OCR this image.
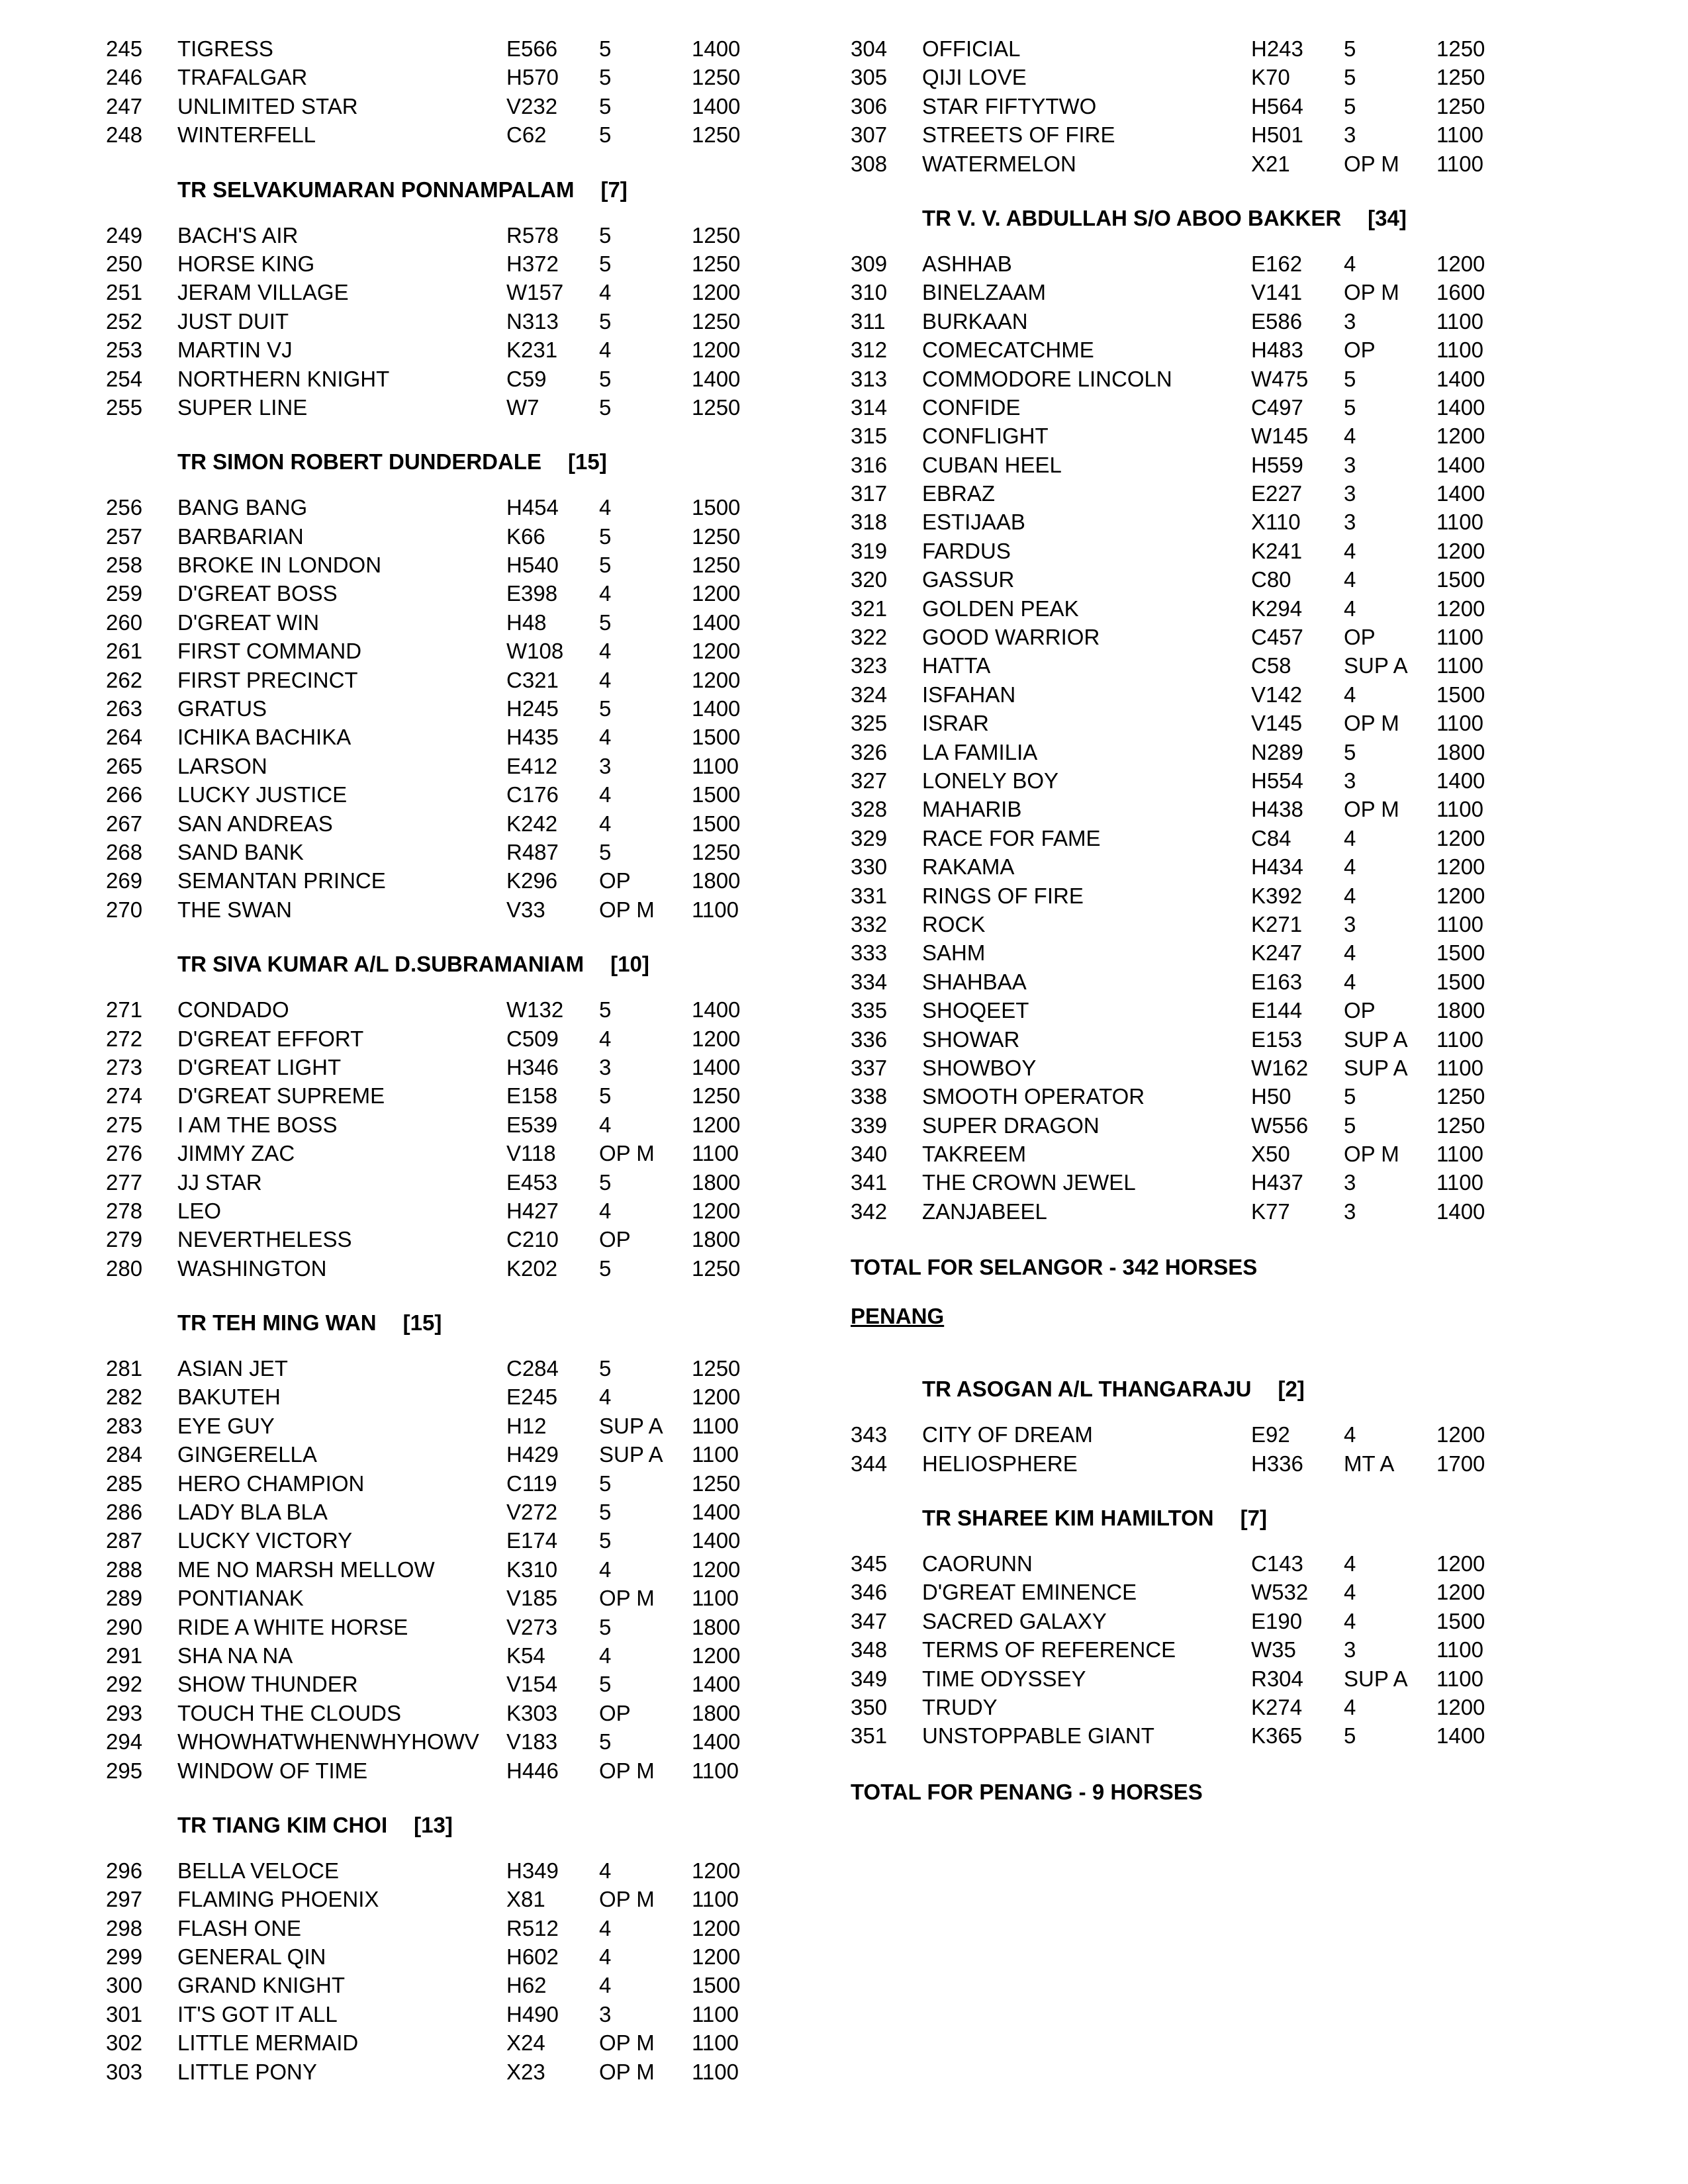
245 TIGRESS	E566 5	1400
246 TRAFALGAR	H570 5	1250
247 UNLIMITED STAR	V232 5	1400
248 WINTERFELL	C62 5	1250
TR SELVAKUMARAN PONNAMPALAM [7]
249 BACH'S AIR	R578 5	1250
250 HORSE KING	H372 5	1250
251 JERAM VILLAGE	W157 4	1200
252 JUST DUIT	N313 5	1250
253 MARTIN VJ	K231 4	1200
254 NORTHERN KNIGHT	C59 5	1400
255 SUPER LINE	W7	5	1250
TR SIMON ROBERT DUNDERDALE [15]
256 BANG BANG	H454 4	1500
257 BARBARIAN	K66 5	1250
258 BROKE IN LONDON	H540 5	1250
259 D'GREAT BOSS	E398 4	1200
260 D'GREAT WIN	H48 5	1400
261 FIRST COMMAND	W108 4	1200
262 FIRST PRECINCT	C321 4	1200
263 GRATUS	H245 5	1400
264 ICHIKA BACHIKA	H435 4	1500
265 LARSON	E412 3	1100
266 LUCKY JUSTICE	C176 4	1500
267 SAN ANDREAS	K242 4	1500
268 SAND BANK	R487 5	1250
269 SEMANTAN PRINCE	K296 OP	1800
270 THE SWAN	V33 OP M 1100
TR SIVA KUMAR A/L D.SUBRAMANIAM [10]
271 CONDADO	W132 5	1400
272 D'GREAT EFFORT	C509 4	1200
273 D'GREAT LIGHT	H346 3	1400
274 D'GREAT SUPREME	E158 5	1250
275 I AM THE BOSS	E539 4	1200
276 JIMMY ZAC	V118 OP M 1100
277 JJ STAR	E453 5	1800
278 LEO	H427 4	1200
279 NEVERTHELESS	C210 OP	1800
280 WASHINGTON	K202 5	1250
TR TEH MING WAN [15]
281 ASIAN JET	C284 5	1250
282 BAKUTEH	E245 4	1200
283 EYE GUY	H12 SUP A 1100
284 GINGERELLA	H429 SUP A 1100
285 HERO CHAMPION	C119 5	1250
286 LADY BLA BLA	V272 5	1400
287 LUCKY VICTORY	E174 5	1400
288 ME NO MARSH MELLOW	K310 4	1200
289 PONTIANAK	V185 OP M 1100
290 RIDE A WHITE HORSE	V273 5	1800
291 SHA NA NA	K54 4	1200
292 SHOW THUNDER	V154 5	1400
293 TOUCH THE CLOUDS	K303 OP	1800
294 WHOWHATWHENWHYHOWV	V183 5	1400
295 WINDOW OF TIME	H446 OP M 1100
TR TIANG KIM CHOI [13]
296 BELLA VELOCE	H349 4	1200
297 FLAMING PHOENIX	X81 OP M 1100
298 FLASH ONE	R512 4	1200
299 GENERAL QIN	H602 4	1200
300 GRAND KNIGHT	H62 4	1500
301 IT'S GOT IT ALL	H490 3	1100
302 LITTLE MERMAID	X24 OP M 1100
303 LITTLE PONY	X23 OP M 1100
304 OFFICIAL	H243 5	1250
305 QIJI LOVE	K70 5	1250
306 STAR FIFTYTWO	H564 5	1250
307 STREETS OF FIRE	H501 3	1100
308 WATERMELON	X21 OP M 1100
TR V. V. ABDULLAH S/O ABOO BAKKER [34]
309 ASHHAB	E162 4	1200
310 BINELZAAM	V141 OP M 1600
311 BURKAAN	E586 3	1100
312 COMECATCHME	H483 OP	1100
313 COMMODORE LINCOLN	W475 5	1400
314 CONFIDE	C497 5	1400
315 CONFLIGHT	W145 4	1200
316 CUBAN HEEL	H559 3	1400
317 EBRAZ	E227 3	1400
318 ESTIJAAB	X110 3	1100
319 FARDUS	K241 4	1200
320 GASSUR	C80 4	1500
321 GOLDEN PEAK	K294 4	1200
322 GOOD WARRIOR	C457 OP	1100
323 HATTA	C58 SUP A 1100
324 ISFAHAN	V142 4	1500
325 ISRAR	V145 OP M 1100
326 LA FAMILIA	N289 5	1800
327 LONELY BOY	H554 3	1400
328 MAHARIB	H438 OP M 1100
329 RACE FOR FAME	C84 4	1200
330 RAKAMA	H434 4	1200
331 RINGS OF FIRE	K392 4	1200
332 ROCK	K271 3	1100
333 SAHM	K247 4	1500
334 SHAHBAA	E163 4	1500
335 SHOQEET	E144 OP	1800
336 SHOWAR	E153 SUP A 1100
337 SHOWBOY	W162 SUP A 1100
338 SMOOTH OPERATOR	H50 5	1250
339 SUPER DRAGON	W556 5	1250
340 TAKREEM	X50 OP M 1100
341 THE CROWN JEWEL	H437 3	1100
342 ZANJABEEL	K77 3	1400
TOTAL FOR SELANGOR - 342 HORSES
PENANG
TR ASOGAN A/L THANGARAJU [2]
343 CITY OF DREAM	E92 4	1200
344 HELIOSPHERE	H336 MT A 1700
TR SHAREE KIM HAMILTON [7]
345 CAORUNN	C143 4	1200
346 D'GREAT EMINENCE	W532 4	1200
347 SACRED GALAXY	E190 4	1500
348 TERMS OF REFERENCE	W35 3	1100
349 TIME ODYSSEY	R304 SUP A 1100
350 TRUDY	K274 4	1200
351 UNSTOPPABLE GIANT	K365 5	1400
TOTAL FOR PENANG - 9 HORSES
